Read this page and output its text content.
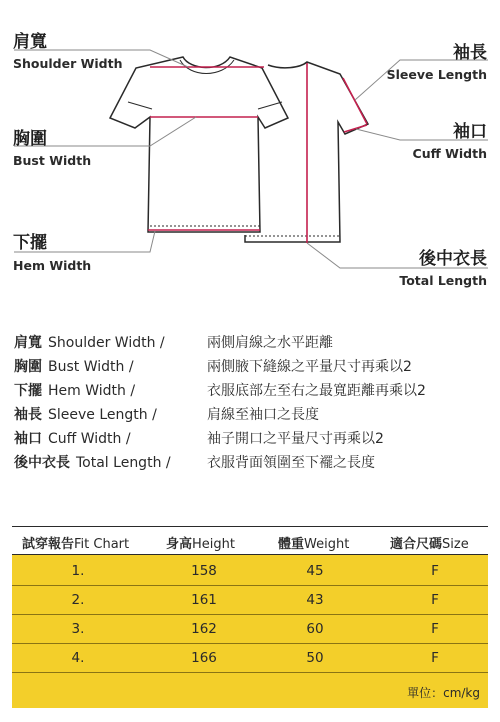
肩寬
Shoulder Width
胸圍
Bust Width
下擺
Hem Width
袖長
Sleeve Length
袖口
Cuff Width
後中衣長
Total Length
肩寬 Shoulder Width /	兩側肩線之水平距離
胸圍 Bust Width /	兩側腋下縫線之平量尺寸再乘以2
下擺 Hem Width /	衣服底部左至右之最寬距離再乘以2
袖長 Sleeve Length /	肩線至袖口之長度
袖口 Cuff Width /	袖子開口之平量尺寸再乘以2
後中衣長 Total Length /	衣服背面領圍至下襬之長度
試穿報告Fit Chart	身高Height	體重Weight	適合尺碼Size
1.	158	45	F
2.	161	43	F
3.	162	60	F
4.	166	50	F
單位：cm/kg
